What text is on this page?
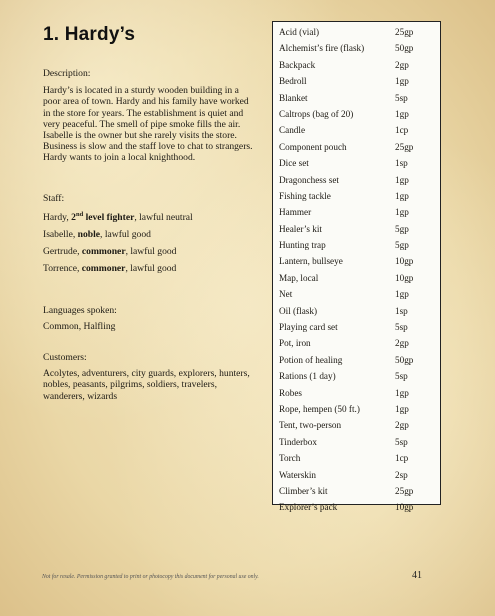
1. Hardy’s
Description:
Hardy’s is located in a sturdy wooden building in a poor area of town. Hardy and his family have worked in the store for years. The establishment is quiet and very peaceful. The smell of pipe smoke fills the air. Isabelle is the owner but she rarely visits the store. Business is slow and the staff love to chat to strangers. Hardy wants to join a local knighthood.
Staff:
Hardy, 2nd level fighter, lawful neutral
Isabelle, noble, lawful good
Gertrude, commoner, lawful good
Torrence, commoner, lawful good
Languages spoken:
Common, Halfling
Customers:
Acolytes, adventurers, city guards, explorers, hunters, nobles, peasants, pilgrims, soldiers, travelers, wanderers, wizards
Acid (vial)	25gp
Alchemist’s fire (flask)	50gp
Backpack	2gp
Bedroll	1gp
Blanket	5sp
Caltrops (bag of 20)	1gp
Candle	1cp
Component pouch	25gp
Dice set	1sp
Dragonchess set	1gp
Fishing tackle	1gp
Hammer	1gp
Healer’s kit	5gp
Hunting trap	5gp
Lantern, bullseye	10gp
Map, local	10gp
Net	1gp
Oil (flask)	1sp
Playing card set	5sp
Pot, iron	2gp
Potion of healing	50gp
Rations (1 day)	5sp
Robes	1gp
Rope, hempen (50 ft.)	1gp
Tent, two-person	2gp
Tinderbox	5sp
Torch	1cp
Waterskin	2sp
Climber’s kit	25gp
Explorer’s pack	10gp
Not for resale. Permission granted to print or photocopy this document for personal use only.	41
